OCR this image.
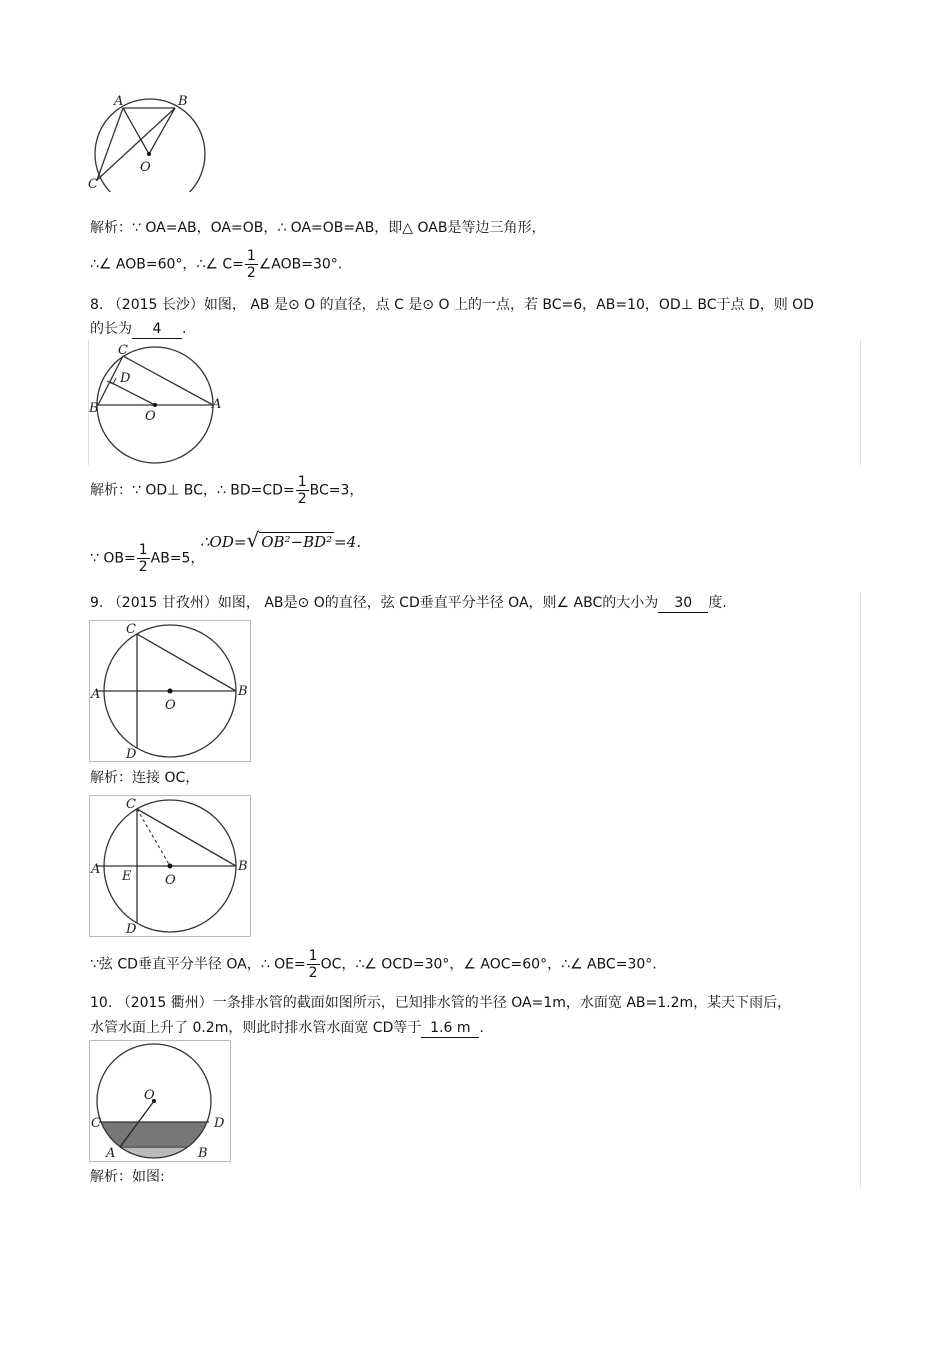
A	B
C
O
解析：∵ OA=AB，OA=OB，∴ OA=OB=AB，即△ OAB是等边三角形，
∴∠ AOB=60°，∴∠ $C= \frac{1}{2}$ ∠AOB=30°.
8. （2015 长沙）如图， AB 是⊙ O 的直径，点 C 是⊙ O 上的一点，若 BC=6，AB=10，OD⊥ BC于点 D，则 OD
的长为 4 .
C
D
B	A
O
解析：∵ OD⊥ BC，∴ $BD=CD= \frac{1}{2} BC=3$，
∵ $OB= \frac{1}{2} AB=5$，
∴OD=√ OB²−BD² =4.
9. （2015 甘孜州）如图， AB是⊙ O的直径，弦 CD垂直平分半径 OA，则∠ ABC的大小为 30 度.
C
A	B
O
D
解析：连接 OC，
C
A	B
E	O
D
∵弦 CD垂直平分半径 OA，∴ $OE= \frac{1}{2}$ OC，∴∠ OCD=30°，∠ AOC=60°，∴∠ ABC=30°.
10. （2015 衢州）一条排水管的截面如图所示，已知排水管的半径 OA=1m，水面宽 AB=1.2m，某天下雨后，
水管水面上升了 0.2m，则此时排水管水面宽 CD等于 1.6 m .
O
C	D
A	B
解析：如图:
